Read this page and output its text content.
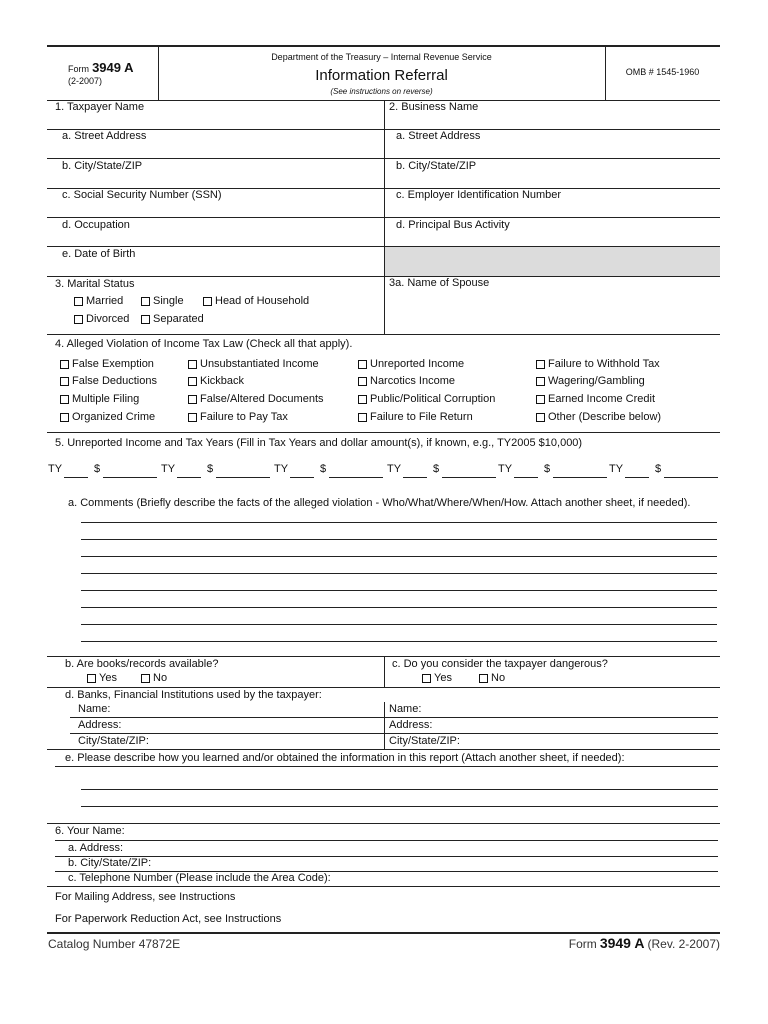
Form 3949 A
(2-2007)
Department of the Treasury – Internal Revenue Service
Information Referral
(See instructions on reverse)
OMB # 1545-1960
1. Taxpayer Name	2. Business Name
a. Street Address	a. Street Address
b. City/State/ZIP	b. City/State/ZIP
c. Social Security Number (SSN)	c. Employer Identification Number
d. Occupation	d. Principal Bus Activity
e. Date of Birth
3. Marital Status	3a. Name of Spouse
Married	Single	Head of Household
Divorced	Separated
4. Alleged Violation of Income Tax Law (Check all that apply).
False Exemption	Unsubstantiated Income	Unreported Income	Failure to Withhold Tax
False Deductions	Kickback	Narcotics Income	Wagering/Gambling
Multiple Filing	False/Altered Documents	Public/Political Corruption	Earned Income Credit
Organized Crime	Failure to Pay Tax	Failure to File Return	Other (Describe below)
5. Unreported Income and Tax Years (Fill in Tax Years and dollar amount(s), if known, e.g., TY2005 $10,000)
TY	$	TY	$	TY	$	TY	$	TY	$	TY	$
a. Comments (Briefly describe the facts of the alleged violation - Who/What/Where/When/How. Attach another sheet, if needed).
b. Are books/records available?
Yes	No
c. Do you consider the taxpayer dangerous?
Yes	No
d. Banks, Financial Institutions used by the taxpayer:
Name:	Name:
Address:	Address:
City/State/ZIP:	City/State/ZIP:
e. Please describe how you learned and/or obtained the information in this report (Attach another sheet, if needed):
6. Your Name:
a. Address:
b. City/State/ZIP:
c. Telephone Number (Please include the Area Code):
For Mailing Address, see Instructions
For Paperwork Reduction Act, see Instructions
Catalog Number 47872E	Form 3949 A (Rev. 2-2007)
